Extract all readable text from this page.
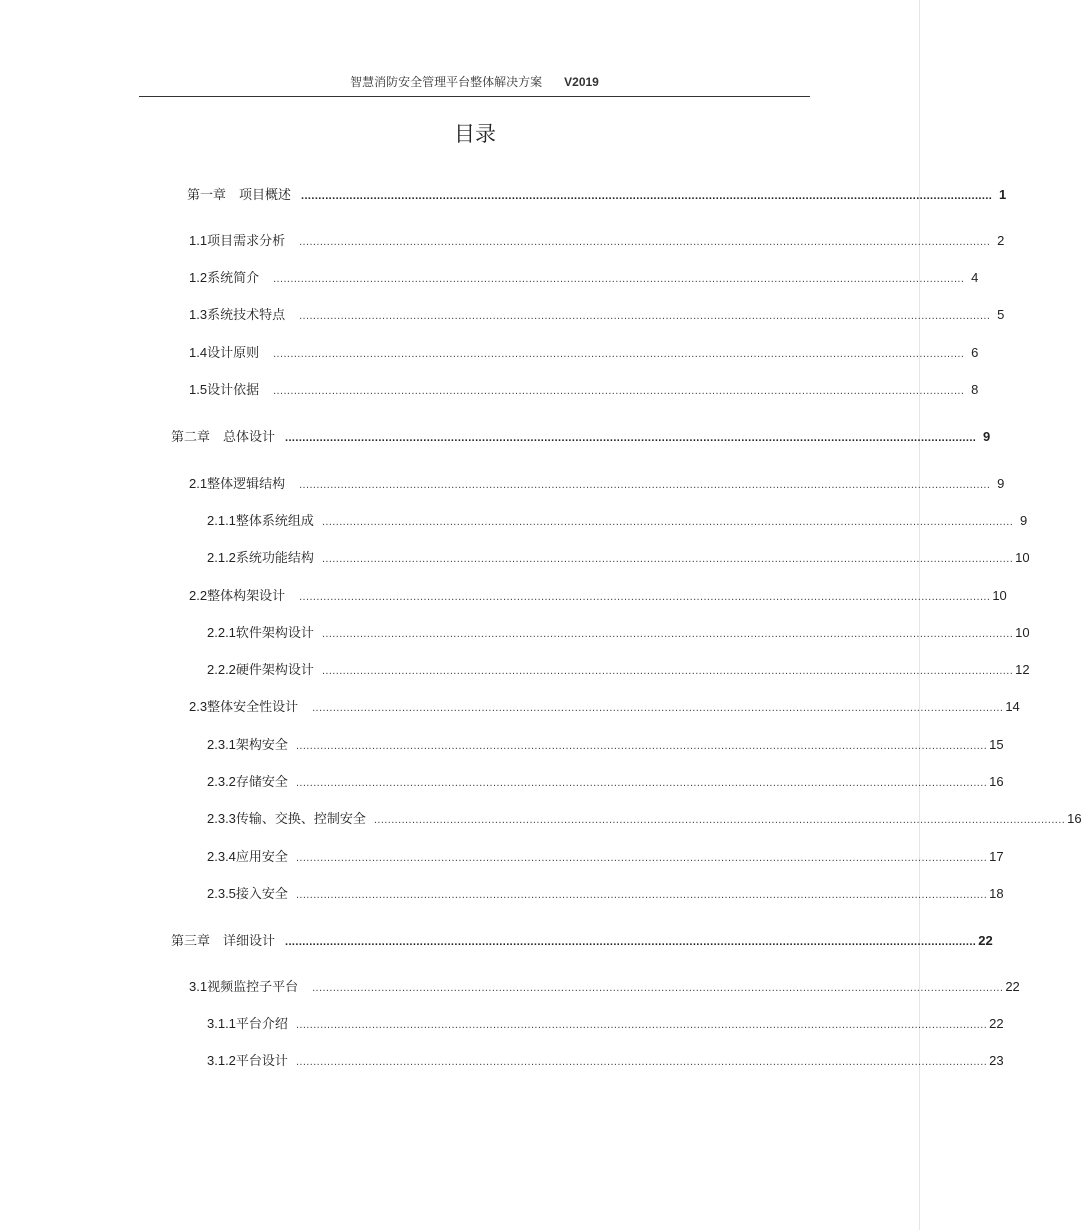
智慧消防安全管理平台整体解决方案 V2019
目录
第一章　项目概述 ........................................................................................................................................................................................................ 1
1.1 项目需求分析 ........................................................................................................................................................................................................ 2
1.2 系统简介 ........................................................................................................................................................................................................ 4
1.3 系统技术特点 ........................................................................................................................................................................................................ 5
1.4 设计原则 ........................................................................................................................................................................................................ 6
1.5 设计依据 ........................................................................................................................................................................................................ 8
第二章　总体设计 ........................................................................................................................................................................................................ 9
2.1 整体逻辑结构 ........................................................................................................................................................................................................ 9
2.1.1 整体系统组成 ........................................................................................................................................................................................................ 9
2.1.2 系统功能结构 ........................................................................................................................................................................................................ 10
2.2 整体构架设计 ........................................................................................................................................................................................................ 10
2.2.1 软件架构设计 ........................................................................................................................................................................................................ 10
2.2.2 硬件架构设计 ........................................................................................................................................................................................................ 12
2.3 整体安全性设计 ........................................................................................................................................................................................................ 14
2.3.1 架构安全 ........................................................................................................................................................................................................ 15
2.3.2 存储安全 ........................................................................................................................................................................................................ 16
2.3.3 传输、交换、控制安全 ........................................................................................................................................................................................................ 16
2.3.4 应用安全 ........................................................................................................................................................................................................ 17
2.3.5 接入安全 ........................................................................................................................................................................................................ 18
第三章　详细设计 ........................................................................................................................................................................................................ 22
3.1 视频监控子平台 ........................................................................................................................................................................................................ 22
3.1.1 平台介绍 ........................................................................................................................................................................................................ 22
3.1.2 平台设计 ........................................................................................................................................................................................................ 23
